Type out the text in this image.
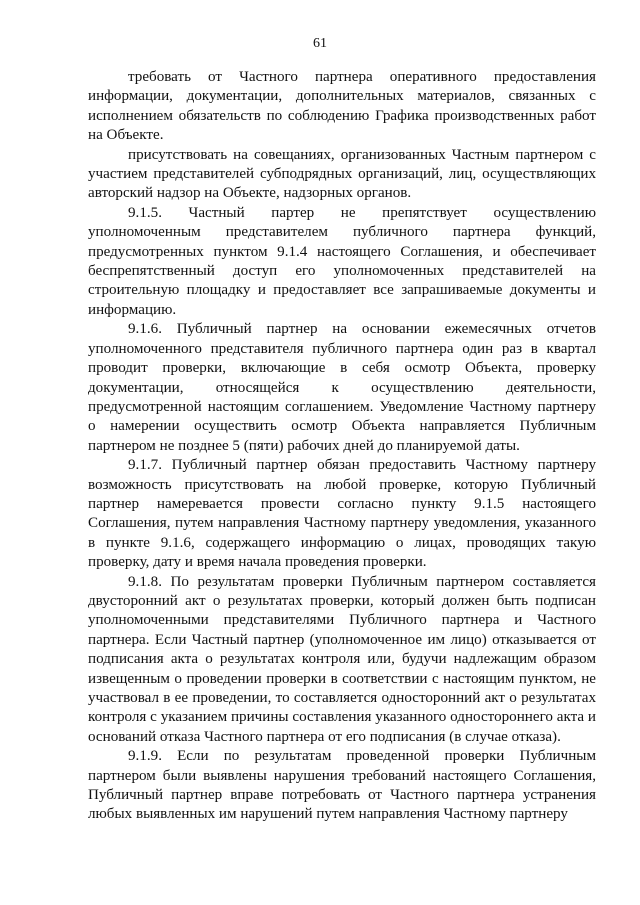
61

требовать от Частного партнера оперативного предоставления информации, документации, дополнительных материалов, связанных с исполнением обязательств по соблюдению Графика производственных работ на Объекте.

присутствовать на совещаниях, организованных Частным партнером с участием представителей субподрядных организаций, лиц, осуществляющих авторский надзор на Объекте, надзорных органов.

9.1.5. Частный партер не препятствует осуществлению уполномоченным представителем публичного партнера функций, предусмотренных пунктом 9.1.4 настоящего Соглашения, и обеспечивает беспрепятственный доступ его уполномоченных представителей на строительную площадку и предоставляет все запрашиваемые документы и информацию.

9.1.6. Публичный партнер на основании ежемесячных отчетов уполномоченного представителя публичного партнера один раз в квартал проводит проверки, включающие в себя осмотр Объекта, проверку документации, относящейся к осуществлению деятельности, предусмотренной настоящим соглашением. Уведомление Частному партнеру о намерении осуществить осмотр Объекта направляется Публичным партнером не позднее 5 (пяти) рабочих дней до планируемой даты.

9.1.7. Публичный партнер обязан предоставить Частному партнеру возможность присутствовать на любой проверке, которую Публичный партнер намеревается провести согласно пункту 9.1.5 настоящего Соглашения, путем направления Частному партнеру уведомления, указанного в пункте 9.1.6, содержащего информацию о лицах, проводящих такую проверку, дату и время начала проведения проверки.

9.1.8. По результатам проверки Публичным партнером составляется двусторонний акт о результатах проверки, который должен быть подписан уполномоченными представителями Публичного партнера и Частного партнера. Если Частный партнер (уполномоченное им лицо) отказывается от подписания акта о результатах контроля или, будучи надлежащим образом извещенным о проведении проверки в соответствии с настоящим пунктом, не участвовал в ее проведении, то составляется односторонний акт о результатах контроля с указанием причины составления указанного одностороннего акта и оснований отказа Частного партнера от его подписания (в случае отказа).

9.1.9. Если по результатам проведенной проверки Публичным партнером были выявлены нарушения требований настоящего Соглашения, Публичный партнер вправе потребовать от Частного партнера устранения любых выявленных им нарушений путем направления Частному партнеру
